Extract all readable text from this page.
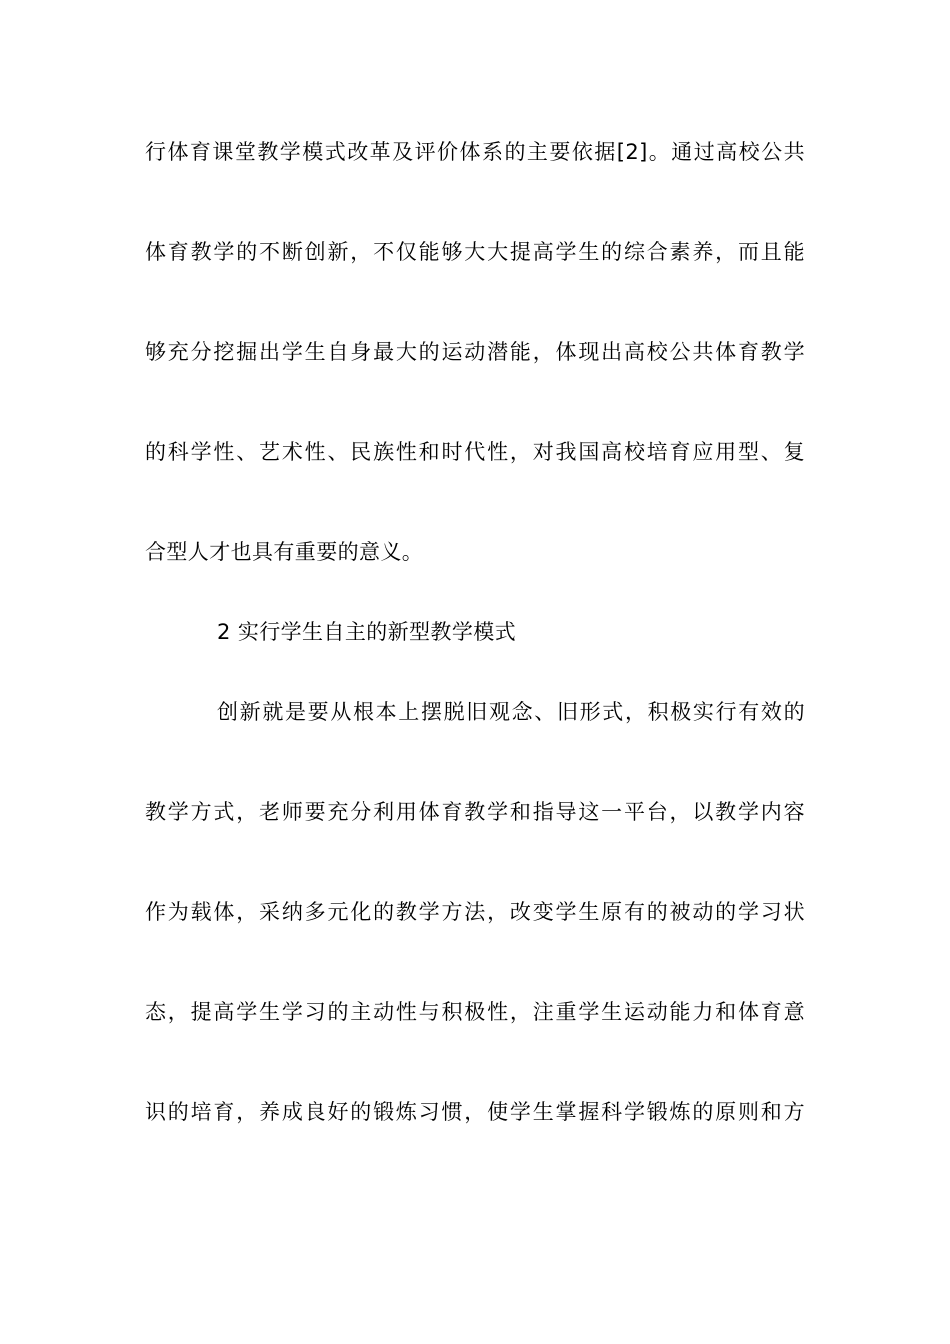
行体育课堂教学模式改革及评价体系的主要依据[2]。通过高校公共
体育教学的不断创新，不仅能够大大提高学生的综合素养，而且能
够充分挖掘出学生自身最大的运动潜能，体现出高校公共体育教学
的科学性、艺术性、民族性和时代性，对我国高校培育应用型、复
合型人才也具有重要的意义。
2 实行学生自主的新型教学模式
创新就是要从根本上摆脱旧观念、旧形式，积极实行有效的
教学方式，老师要充分利用体育教学和指导这一平台，以教学内容
作为载体，采纳多元化的教学方法，改变学生原有的被动的学习状
态，提高学生学习的主动性与积极性，注重学生运动能力和体育意
识的培育，养成良好的锻炼习惯，使学生掌握科学锻炼的原则和方
